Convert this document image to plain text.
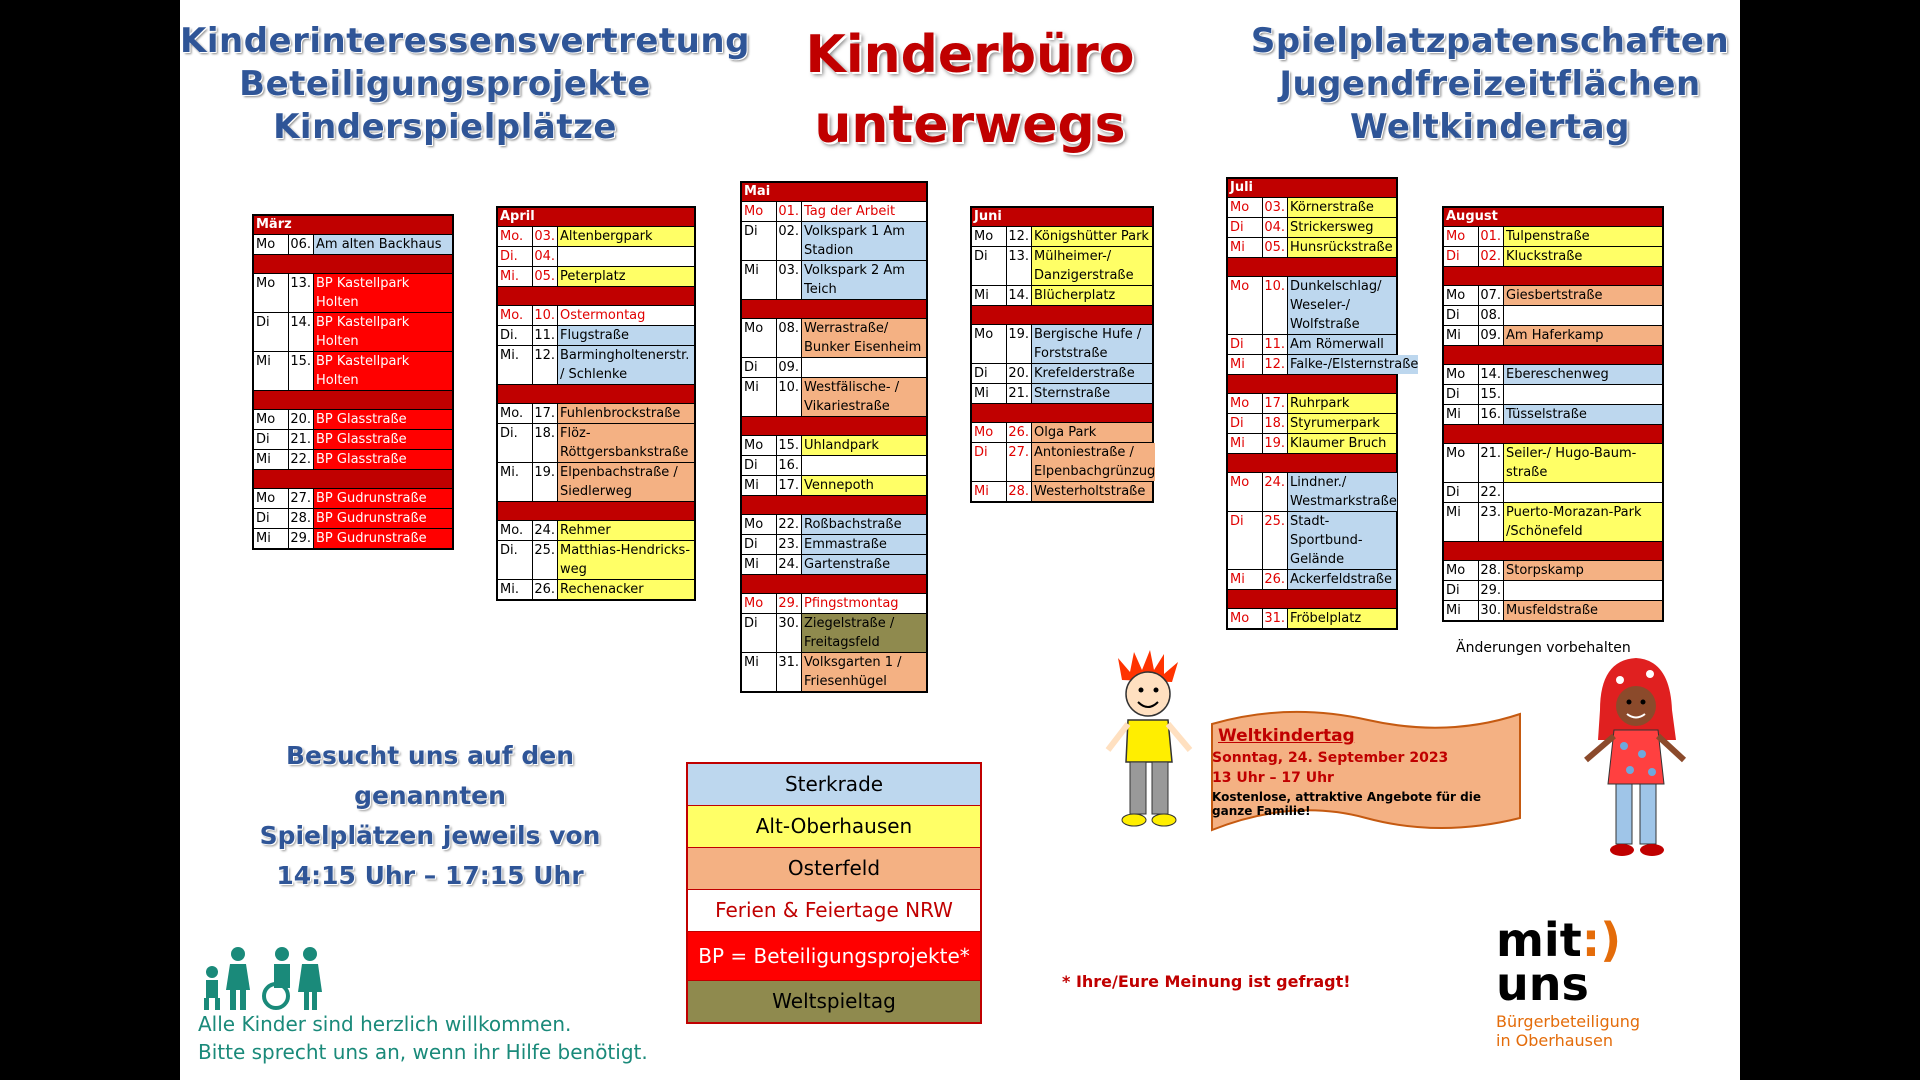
Kinderinteressensvertretung
Beteiligungsprojekte
Kinderspielplätze
Kinderbüro
unterwegs
Spielplatzpatenschaften
Jugendfreizeitflächen
Weltkindertag
März
Mo	06. Am alten Backhaus
Mo	13. BP Kastellpark Holten
Di	14. BP Kastellpark Holten
Mi	15. BP Kastellpark Holten
Mo	20. BP Glasstraße
Di	21. BP Glasstraße
Mi	22. BP Glasstraße
Mo	27. BP Gudrunstraße
Di	28. BP Gudrunstraße
Mi	29. BP Gudrunstraße
April
Mo. 03. Altenbergpark
Di.	04.
Mi.	05. Peterplatz
Mo. 10. Ostermontag
Di.	11. Flugstraße
Mi.	12. Barmingholtenerstr. / Schlenke
Mo. 17. Fuhlenbrockstraße
Di.	18. Flöz-Röttgersbankstraße
Mi.	19. Elpenbachstraße / Siedlerweg
Mo. 24. Rehmer
Di.	25. Matthias-Hendricks-weg
Mi.	26. Rechenacker
Mai
Mo	01. Tag der Arbeit
Di	02. Volkspark 1 Am Stadion
Mi	03. Volkspark 2 Am Teich
Mo	08. Werrastraße/ Bunker Eisenheim
Di	09.
Mi	10. Westfälische- / Vikariestraße
Mo	15. Uhlandpark
Di	16.
Mi	17. Vennepoth
Mo	22. Roßbachstraße
Di	23. Emmastraße
Mi	24. Gartenstraße
Mo	29. Pfingstmontag
Di	30. Ziegelstraße / Freitagsfeld
Mi	31. Volksgarten 1 / Friesenhügel
Juni
Mo	12. Königshütter Park
Di	13. Mülheimer-/ Danzigerstraße
Mi	14. Blücherplatz
Mo	19. Bergische Hufe / Forststraße
Di	20. Krefelderstraße
Mi	21. Sternstraße
Mo	26. Olga Park
Di	27. Antoniestraße / Elpenbachgrünzug
Mi	28. Westerholtstraße
Juli
Mo	03. Körnerstraße
Di	04. Strickersweg
Mi	05. Hunsrückstraße
Mo	10. Dunkelschlag/ Weseler-/ Wolfstraße
Di	11. Am Römerwall
Mi	12. Falke-/Elsternstraße
Mo	17. Ruhrpark
Di	18. Styrumerpark
Mi	19. Klaumer Bruch
Mo	24. Lindner./ Westmarkstraße
Di	25. Stadt-Sportbund-Gelände
Mi	26. Ackerfeldstraße
Mo	31. Fröbelplatz
August
Mo	01. Tulpenstraße
Di	02. Kluckstraße
Mo	07. Giesbertstraße
Di	08.
Mi	09. Am Haferkamp
Mo	14. Ebereschenweg
Di	15.
Mi	16. Tüsselstraße
Mo	21. Seiler-/ Hugo-Baum-straße
Di	22.
Mi	23. Puerto-Morazan-Park /Schönefeld
Mo	28. Storpskamp
Di	29.
Mi	30. Musfeldstraße
Änderungen vorbehalten
Besucht uns auf den genannten
Spielplätzen jeweils von
14:15 Uhr – 17:15 Uhr
Sterkrade
Alt-Oberhausen
Osterfeld
Ferien & Feiertage NRW
BP = Beteiligungsprojekte*
Weltspieltag
Weltkindertag
Sonntag, 24. September 2023
13 Uhr – 17 Uhr
Kostenlose, attraktive Angebote für die ganze Familie!
* Ihre/Eure Meinung ist gefragt!
Alle Kinder sind herzlich willkommen.
Bitte sprecht uns an, wenn ihr Hilfe benötigt.
mit:)
uns
Bürgerbeteiligung
in Oberhausen
